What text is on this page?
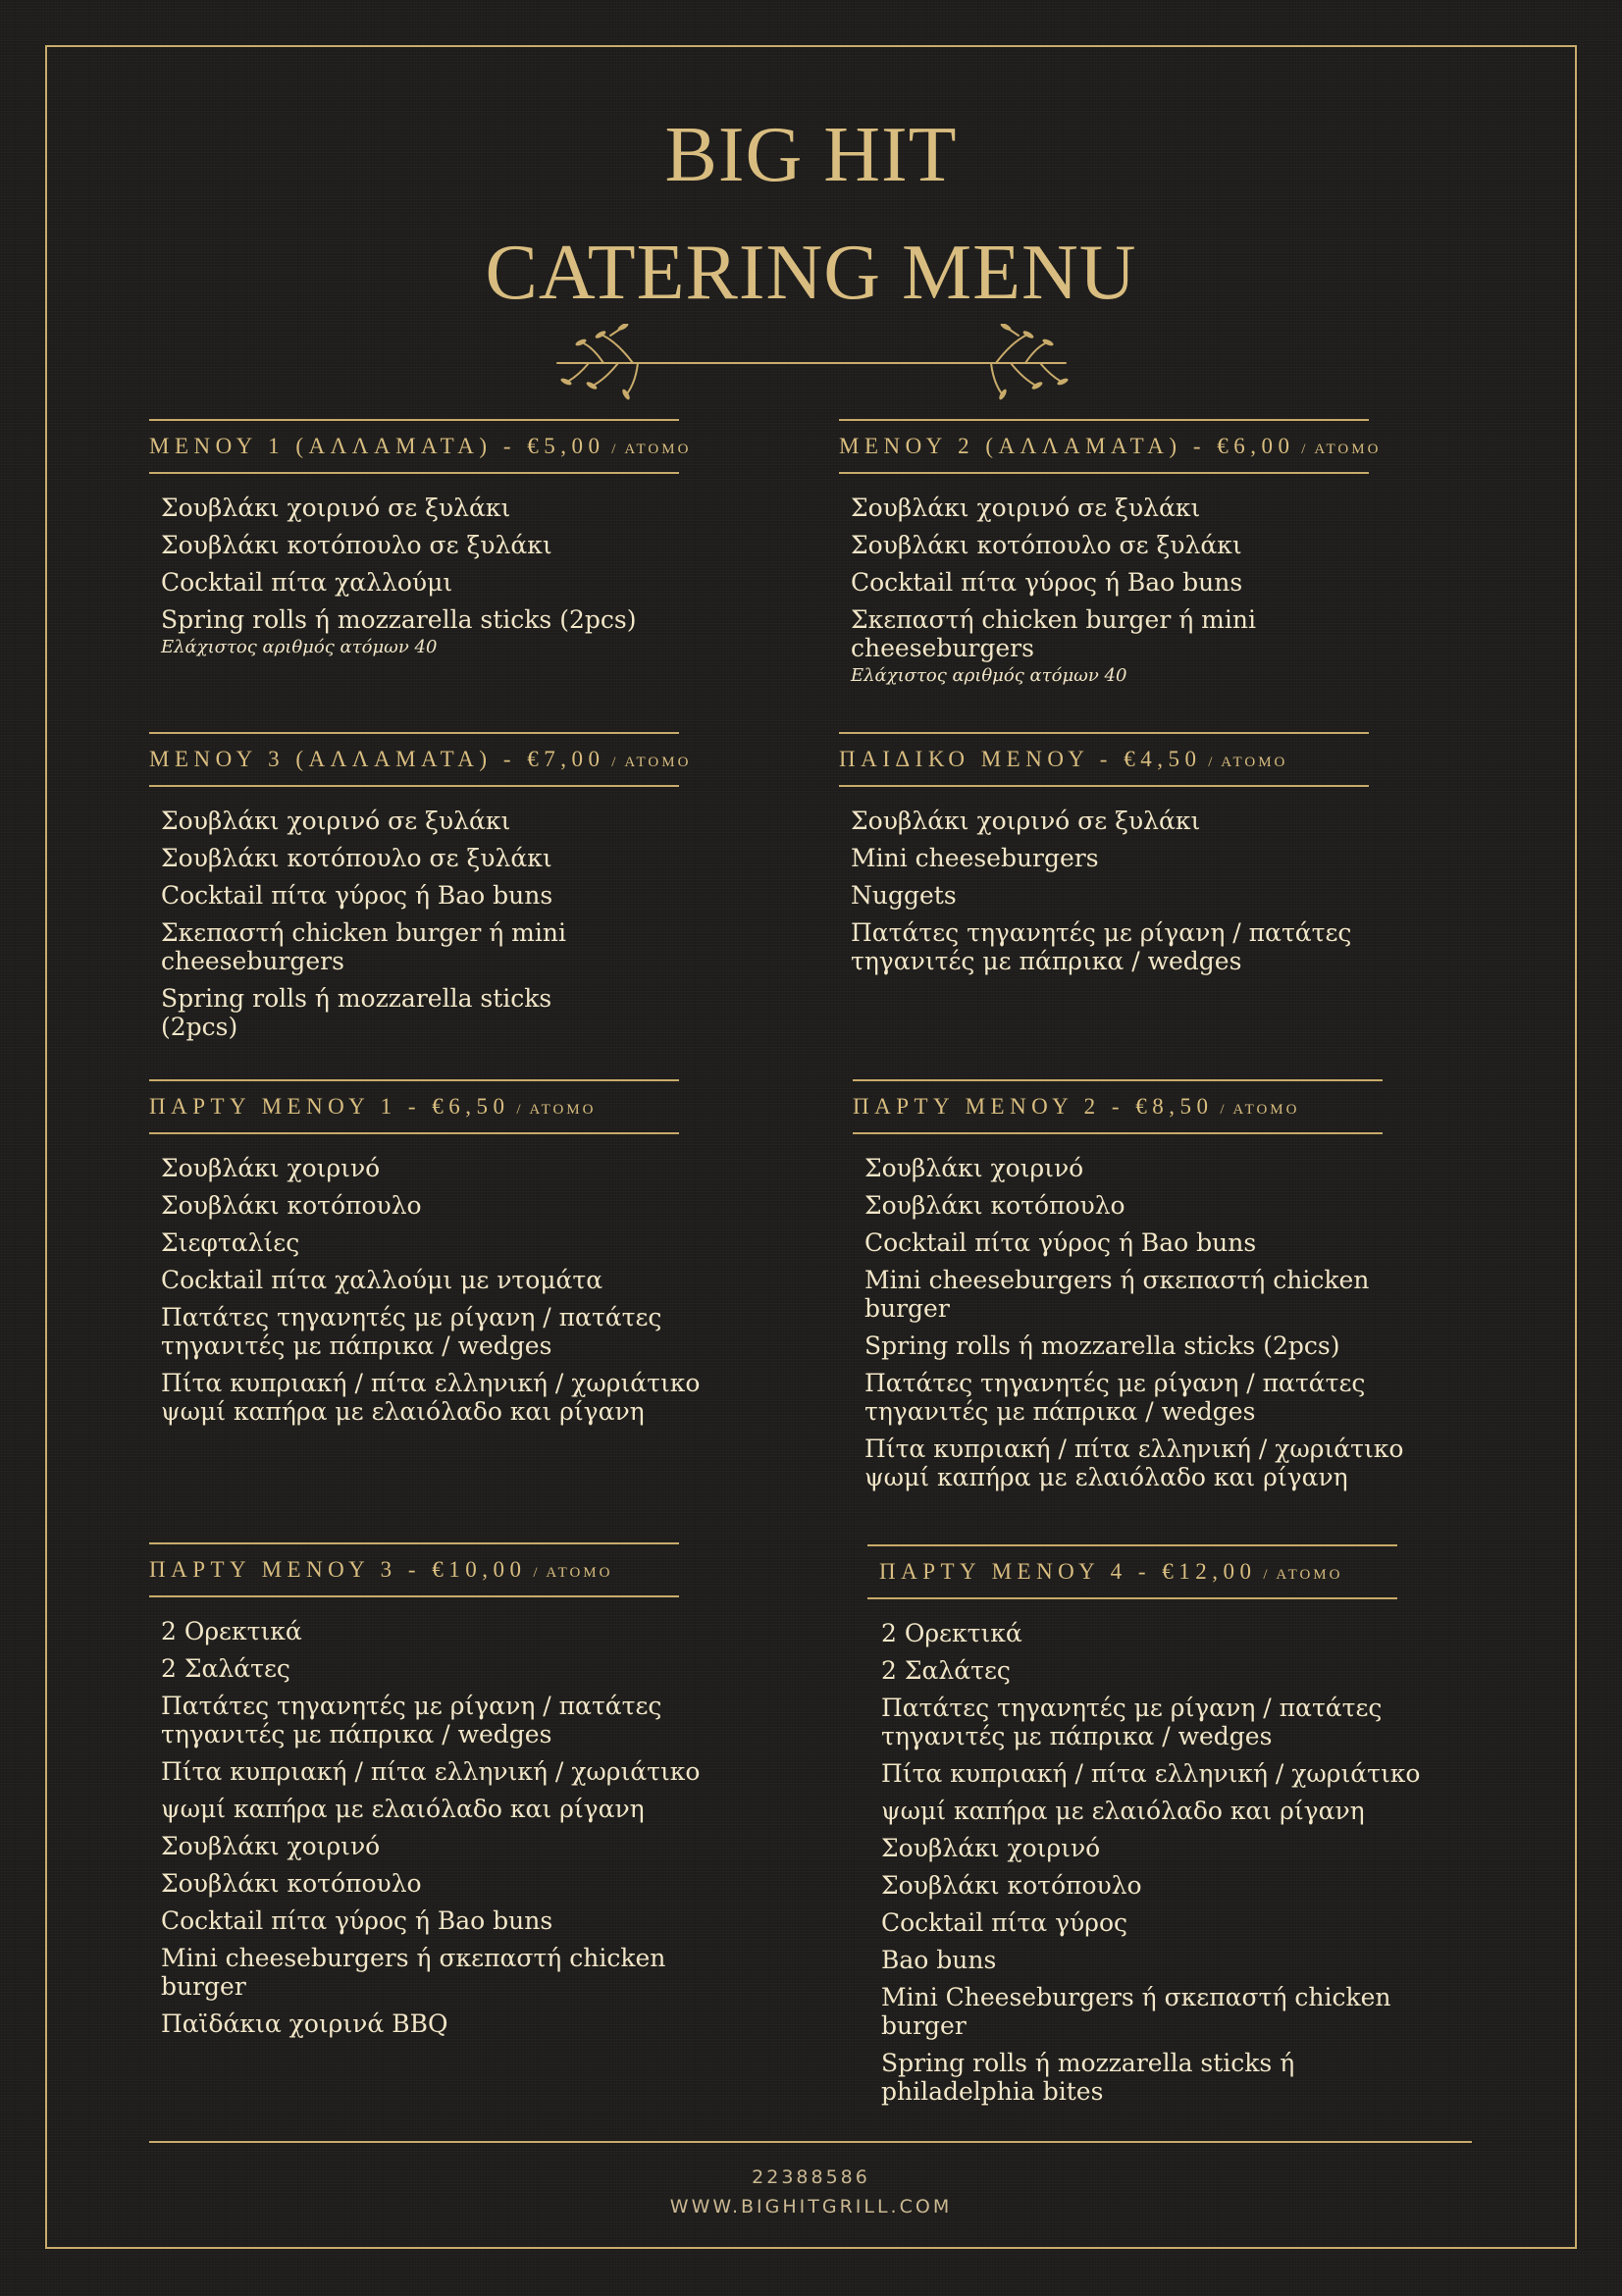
BIG HIT
CATERING MENU
ΜΕΝΟΥ 1 (ΑΛΛΑΜΑΤΑ) - €5,00 / ΑΤΟΜΟ
Σουβλάκι χοιρινό σε ξυλάκι
Σουβλάκι κοτόπουλο σε ξυλάκι
Cocktail πίτα χαλλούμι
Spring rolls ή mozzarella sticks (2pcs)
Ελάχιστος αριθμός ατόμων 40
ΜΕΝΟΥ 2 (ΑΛΛΑΜΑΤΑ) - €6,00 / ΑΤΟΜΟ
Σουβλάκι χοιρινό σε ξυλάκι
Σουβλάκι κοτόπουλο σε ξυλάκι
Cocktail πίτα γύρος ή Bao buns
Σκεπαστή chicken burger ή mini cheeseburgers
Ελάχιστος αριθμός ατόμων 40
ΜΕΝΟΥ 3 (ΑΛΛΑΜΑΤΑ) - €7,00 / ΑΤΟΜΟ
Σουβλάκι χοιρινό σε ξυλάκι
Σουβλάκι κοτόπουλο σε ξυλάκι
Cocktail πίτα γύρος ή Bao buns
Σκεπαστή chicken burger ή mini cheeseburgers
Spring rolls ή mozzarella sticks (2pcs)
ΠΑΙΔΙΚΟ ΜΕΝΟΥ - €4,50 / ΑΤΟΜΟ
Σουβλάκι χοιρινό σε ξυλάκι
Mini cheeseburgers
Nuggets
Πατάτες τηγανητές με ρίγανη / πατάτες τηγανιτές με πάπρικα / wedges
ΠΑΡΤΥ ΜΕΝΟΥ 1 - €6,50 / ΑΤΟΜΟ
Σουβλάκι χοιρινό
Σουβλάκι κοτόπουλο
Σιεφταλίες
Cocktail πίτα χαλλούμι με ντομάτα
Πατάτες τηγανητές με ρίγανη / πατάτες τηγανιτές με πάπρικα / wedges
Πίτα κυπριακή / πίτα ελληνική / χωριάτικο ψωμί καπήρα με ελαιόλαδο και ρίγανη
ΠΑΡΤΥ ΜΕΝΟΥ 2 - €8,50 / ΑΤΟΜΟ
Σουβλάκι χοιρινό
Σουβλάκι κοτόπουλο
Cocktail πίτα γύρος ή Bao buns
Mini cheeseburgers ή σκεπαστή chicken burger
Spring rolls ή mozzarella sticks (2pcs)
Πατάτες τηγανητές με ρίγανη / πατάτες τηγανιτές με πάπρικα / wedges
Πίτα κυπριακή / πίτα ελληνική / χωριάτικο ψωμί καπήρα με ελαιόλαδο και ρίγανη
ΠΑΡΤΥ ΜΕΝΟΥ 3 - €10,00 / ΑΤΟΜΟ
2 Ορεκτικά
2 Σαλάτες
Πατάτες τηγανητές με ρίγανη / πατάτες τηγανιτές με πάπρικα / wedges
Πίτα κυπριακή / πίτα ελληνική / χωριάτικο
ψωμί καπήρα με ελαιόλαδο και ρίγανη
Σουβλάκι χοιρινό
Σουβλάκι κοτόπουλο
Cocktail πίτα γύρος ή Bao buns
Mini cheeseburgers ή σκεπαστή chicken burger
Παϊδάκια χοιρινά BBQ
ΠΑΡΤΥ ΜΕΝΟΥ 4 - €12,00 / ΑΤΟΜΟ
2 Ορεκτικά
2 Σαλάτες
Πατάτες τηγανητές με ρίγανη / πατάτες τηγανιτές με πάπρικα / wedges
Πίτα κυπριακή / πίτα ελληνική / χωριάτικο
ψωμί καπήρα με ελαιόλαδο και ρίγανη
Σουβλάκι χοιρινό
Σουβλάκι κοτόπουλο
Cocktail πίτα γύρος
Bao buns
Mini Cheeseburgers ή σκεπαστή chicken burger
Spring rolls ή mozzarella sticks ή philadelphia bites
22388586
WWW.BIGHITGRILL.COM
